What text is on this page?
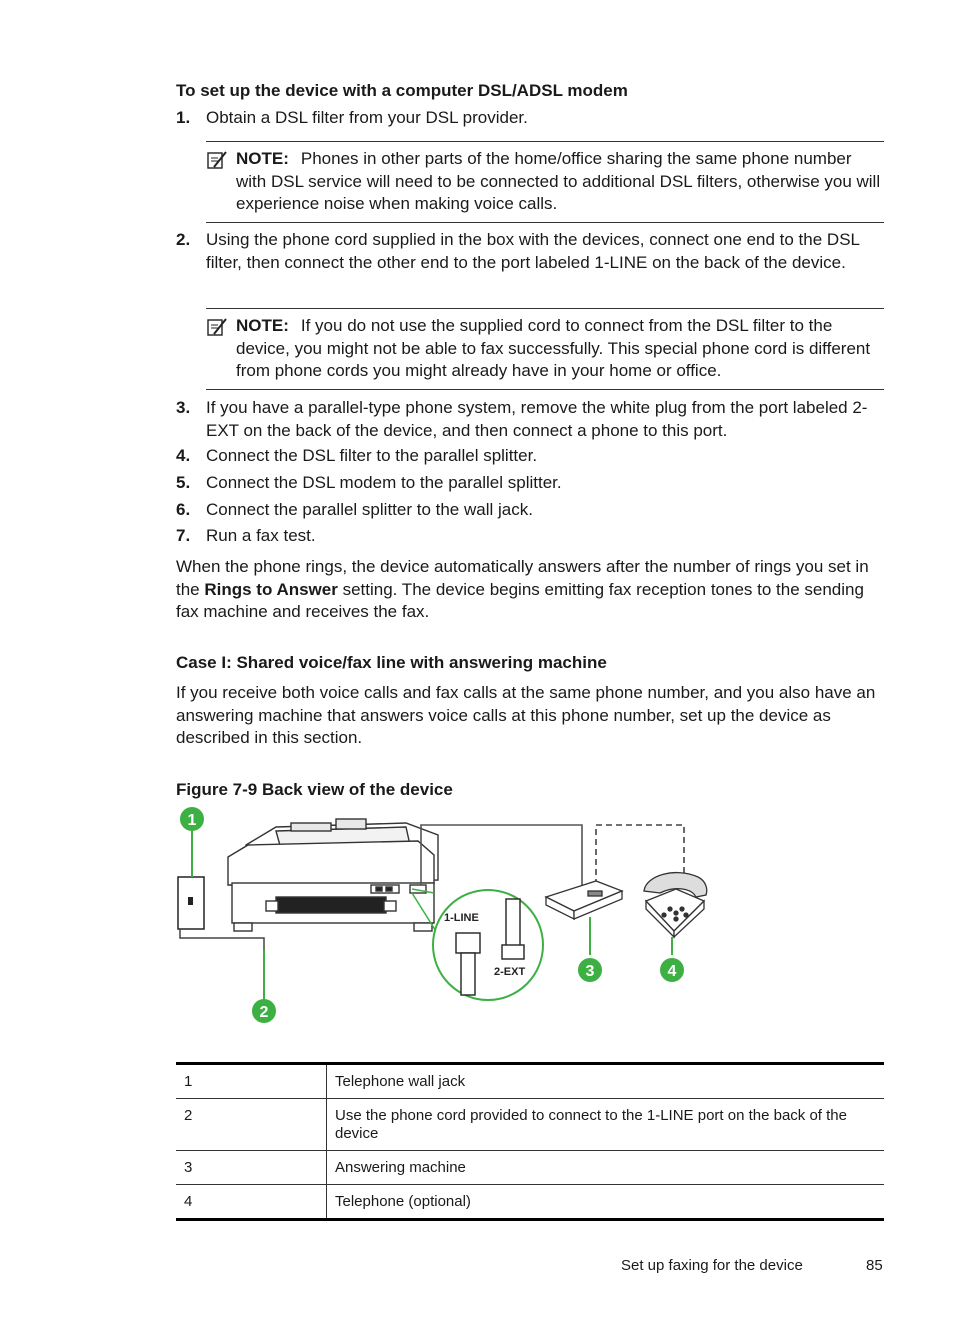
To set up the device with a computer DSL/ADSL modem
1. Obtain a DSL filter from your DSL provider.
NOTE: Phones in other parts of the home/office sharing the same phone number with DSL service will need to be connected to additional DSL filters, otherwise you will experience noise when making voice calls.
2. Using the phone cord supplied in the box with the devices, connect one end to the DSL filter, then connect the other end to the port labeled 1-LINE on the back of the device.
NOTE: If you do not use the supplied cord to connect from the DSL filter to the device, you might not be able to fax successfully. This special phone cord is different from phone cords you might already have in your home or office.
3. If you have a parallel-type phone system, remove the white plug from the port labeled 2-EXT on the back of the device, and then connect a phone to this port.
4. Connect the DSL filter to the parallel splitter.
5. Connect the DSL modem to the parallel splitter.
6. Connect the parallel splitter to the wall jack.
7. Run a fax test.
When the phone rings, the device automatically answers after the number of rings you set in the Rings to Answer setting. The device begins emitting fax reception tones to the sending fax machine and receives the fax.
Case I: Shared voice/fax line with answering machine
If you receive both voice calls and fax calls at the same phone number, and you also have an answering machine that answers voice calls at this phone number, set up the device as described in this section.
Figure 7-9 Back view of the device
1
2
1-LINE
2-EXT	3	4
1	Telephone wall jack
2	Use the phone cord provided to connect to the 1-LINE port on the back of the device
3	Answering machine
4	Telephone (optional)
Set up faxing for the device	85
